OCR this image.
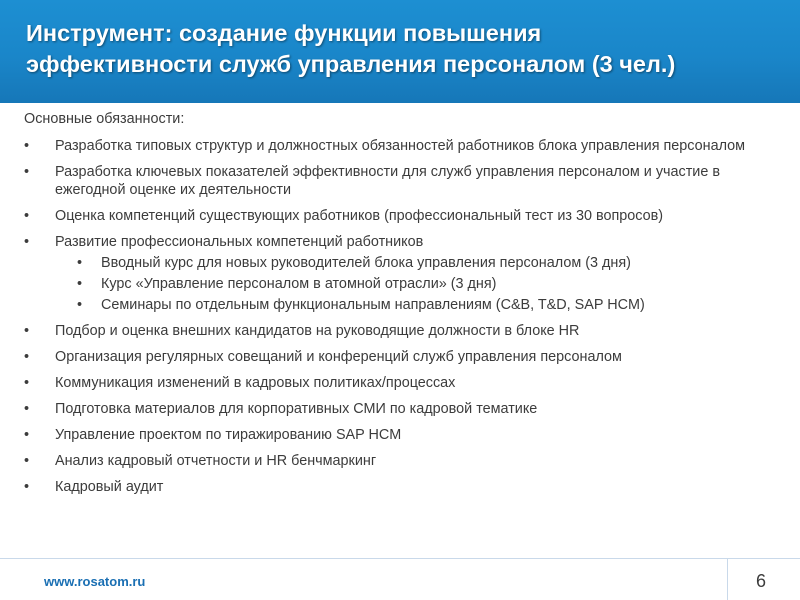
Инструмент: создание функции повышения
эффективности служб управления персоналом (3 чел.)

Основные обязанности:

•	Разработка типовых структур и должностных обязанностей работников блока управления персоналом
•	Разработка ключевых показателей эффективности для служб управления персоналом и участие в ежегодной оценке их деятельности
•	Оценка компетенций существующих работников (профессиональный тест из 30 вопросов)
•	Развитие профессиональных компетенций работников
•	Вводный курс для новых руководителей блока управления персоналом (3 дня)
•	Курс «Управление персоналом в атомной отрасли» (3 дня)
•	Семинары по отдельным функциональным направлениям (C&B, T&D, SAP HCM)
•	Подбор и оценка внешних кандидатов на руководящие должности в блоке HR
•	Организация регулярных совещаний и конференций служб управления персоналом
•	Коммуникация изменений в кадровых политиках/процессах
•	Подготовка материалов для корпоративных СМИ по кадровой тематике
•	Управление проектом по тиражированию SAP HCM
•	Анализ кадровый отчетности и HR бенчмаркинг
•	Кадровый аудит
www.rosatom.ru	6
